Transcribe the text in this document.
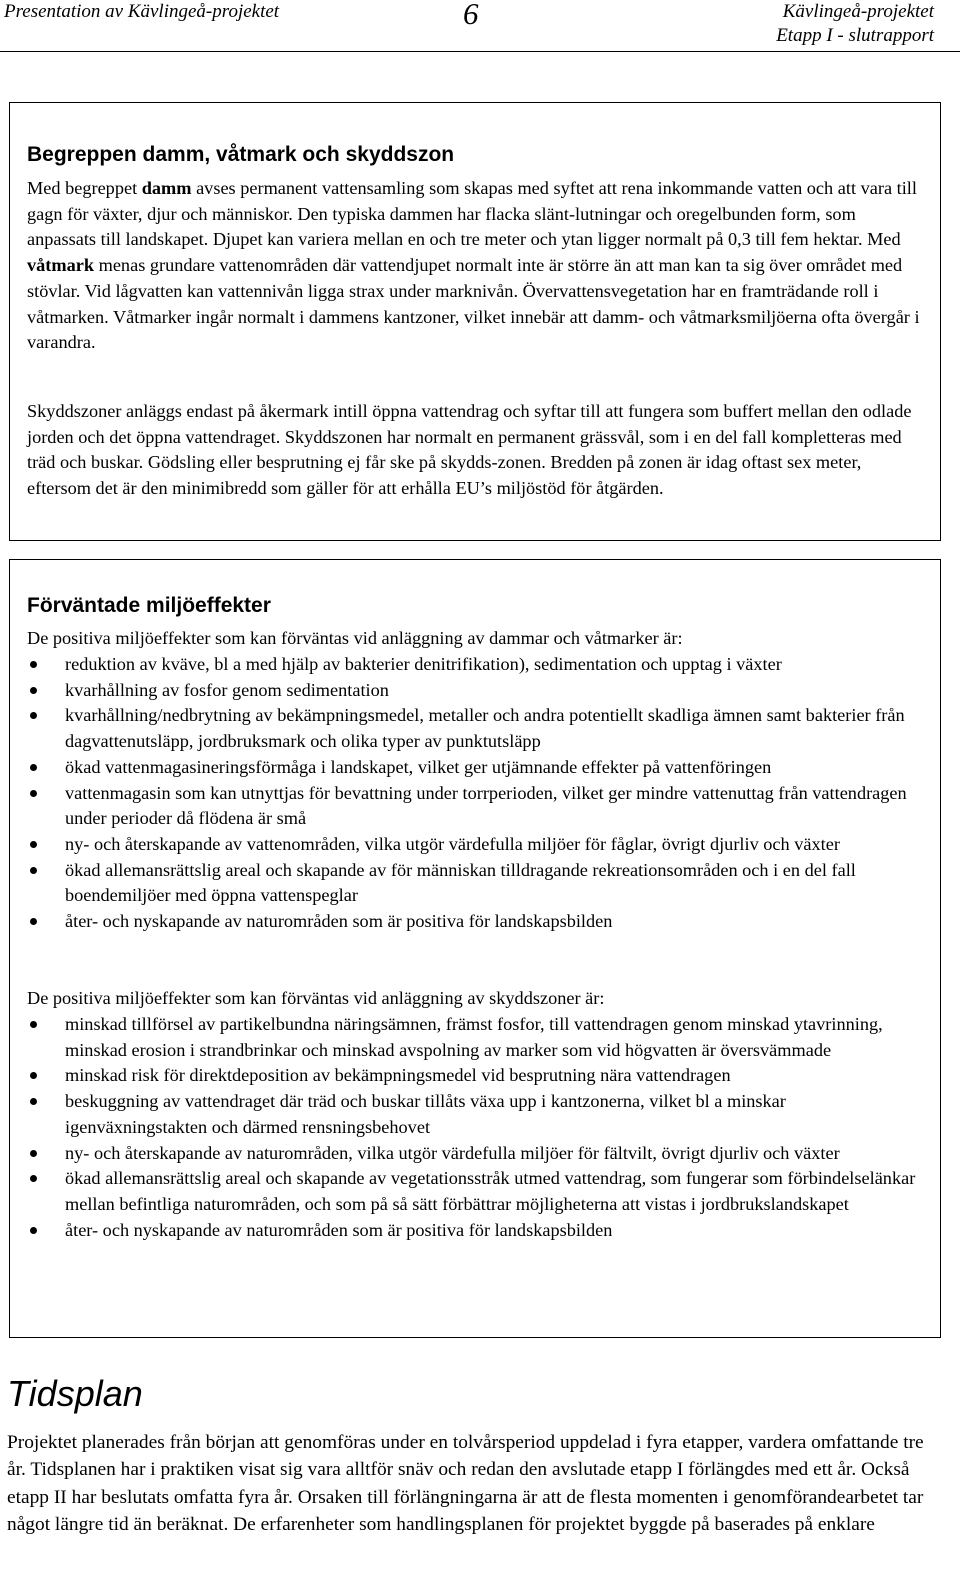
Presentation av Kävlingeå-projektet	6	Kävlingeå-projektet
Etapp I - slutrapport
Begreppen damm, våtmark och skyddszon

Med begreppet damm avses permanent vattensamling som skapas med syftet att rena inkommande vatten och att vara till gagn för växter, djur och människor. Den typiska dammen har flacka slänt-lutningar och oregelbunden form, som anpassats till landskapet. Djupet kan variera mellan en och tre meter och ytan ligger normalt på 0,3 till fem hektar. Med våtmark menas grundare vattenområden där vattendjupet normalt inte är större än att man kan ta sig över området med stövlar. Vid lågvatten kan vattennivån ligga strax under marknivån. Övervattensvegetation har en framträdande roll i våtmarken. Våtmarker ingår normalt i dammens kantzoner, vilket innebär att damm- och våtmarksmiljöerna ofta övergår i varandra.

Skyddszoner anläggs endast på åkermark intill öppna vattendrag och syftar till att fungera som buffert mellan den odlade jorden och det öppna vattendraget. Skyddszonen har normalt en permanent grässvål, som i en del fall kompletteras med träd och buskar. Gödsling eller besprutning ej får ske på skydds-zonen. Bredden på zonen är idag oftast sex meter, eftersom det är den minimibredd som gäller för att erhålla EU’s miljöstöd för åtgärden.

Förväntade miljöeffekter

De positiva miljöeffekter som kan förväntas vid anläggning av dammar och våtmarker är:

reduktion av kväve, bl a med hjälp av bakterier denitrifikation), sedimentation och upptag i växter
kvarhållning av fosfor genom sedimentation
kvarhållning/nedbrytning av bekämpningsmedel, metaller och andra potentiellt skadliga ämnen samt bakterier från dagvattenutsläpp, jordbruksmark och olika typer av punktutsläpp
ökad vattenmagasineringsförmåga i landskapet, vilket ger utjämnande effekter på vattenföringen
vattenmagasin som kan utnyttjas för bevattning under torrperioden, vilket ger mindre vattenuttag från vattendragen under perioder då flödena är små
ny- och återskapande av vattenområden, vilka utgör värdefulla miljöer för fåglar, övrigt djurliv och växter
ökad allemansrättslig areal och skapande av för människan tilldragande rekreationsområden och i en del fall boendemiljöer med öppna vattenspeglar
åter- och nyskapande av naturområden som är positiva för landskapsbilden

De positiva miljöeffekter som kan förväntas vid anläggning av skyddszoner är:

minskad tillförsel av partikelbundna näringsämnen, främst fosfor, till vattendragen genom minskad ytavrinning, minskad erosion i strandbrinkar och minskad avspolning av marker som vid högvatten är översvämmade
minskad risk för direktdeposition av bekämpningsmedel vid besprutning nära vattendragen
beskuggning av vattendraget där träd och buskar tillåts växa upp i kantzonerna, vilket bl a minskar igenväxningstakten och därmed rensningsbehovet
ny- och återskapande av naturområden, vilka utgör värdefulla miljöer för fältvilt, övrigt djurliv och växter
ökad allemansrättslig areal och skapande av vegetationsstråk utmed vattendrag, som fungerar som förbindelselänkar mellan befintliga naturområden, och som på så sätt förbättrar möjligheterna att vistas i jordbrukslandskapet
åter- och nyskapande av naturområden som är positiva för landskapsbilden
Tidsplan

Projektet planerades från början att genomföras under en tolvårsperiod uppdelad i fyra etapper, vardera omfattande tre år. Tidsplanen har i praktiken visat sig vara alltför snäv och redan den avslutade etapp I förlängdes med ett år. Också etapp II har beslutats omfatta fyra år. Orsaken till förlängningarna är att de flesta momenten i genomförandearbetet tar något längre tid än beräknat. De erfarenheter som handlingsplanen för projektet byggde på baserades på enklare
